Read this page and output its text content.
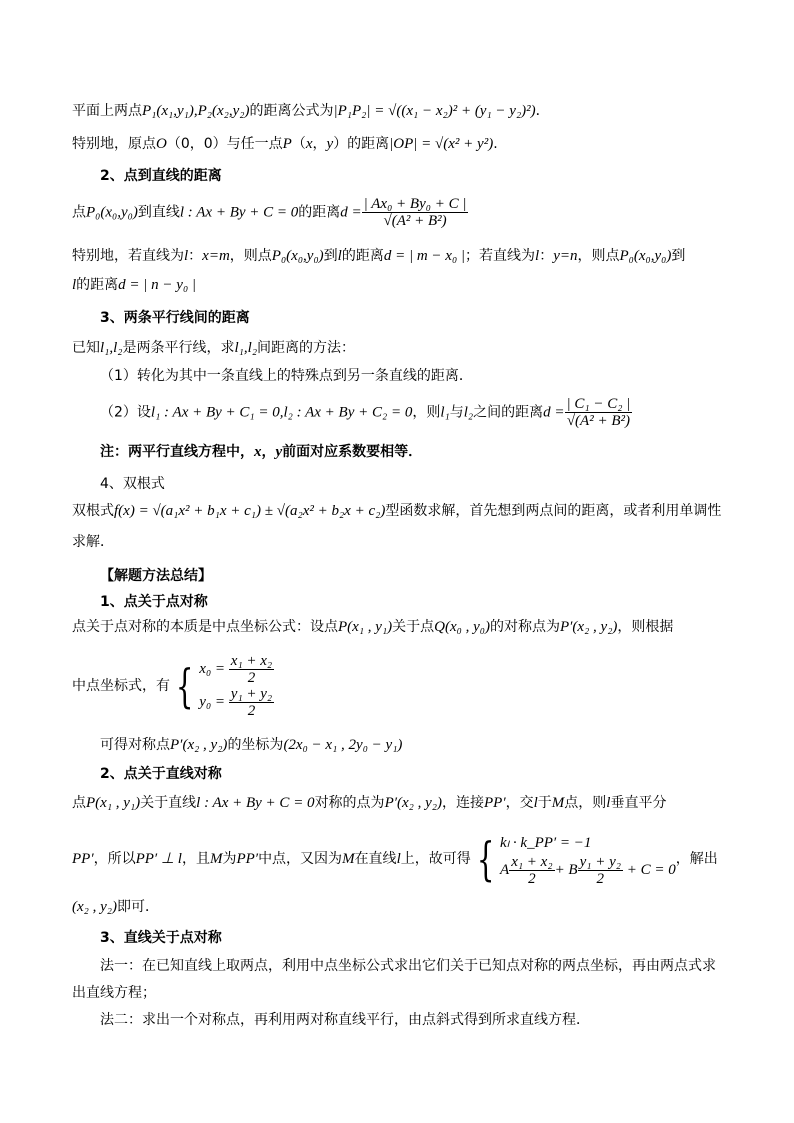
平面上两点P₁(x₁,y₁),P₂(x₂,y₂)的距离公式为|P₁P₂| = √((x₁ − x₂)² + (y₁ − y₂)²)．
特别地，原点O（0，0）与任一点P（x，y）的距离|OP| = √(x² + y²).
2、点到直线的距离
点P₀(x₀,y₀)到直线l : Ax + By + C = 0的距离$d = \frac{\text{| Ax₀ + By₀ + C |}}{\text{√(A² + B²)}}$
特别地，若直线为l：x=m，则点P₀(x₀,y₀)到l的距离d = | m − x₀ |；若直线为l：y=n，则点P₀(x₀,y₀)到
l的距离d = | n − y₀ |
3、两条平行线间的距离
已知l₁,l₂是两条平行线，求l₁,l₂间距离的方法：
（1）转化为其中一条直线上的特殊点到另一条直线的距离．
（2）设l₁ : Ax + By + C₁ = 0,l₂ : Ax + By + C₂ = 0，则l₁与l₂之间的距离$d = \frac{\text{| C₁ − C₂ |}}{\text{√(A² + B²)}}$
注：两平行直线方程中，x，y前面对应系数要相等．
4、双根式
双根式f(x) = √(a₁x² + b₁x + c₁) ± √(a₂x² + b₂x + c₂)型函数求解，首先想到两点间的距离，或者利用单调性
求解．
【解题方法总结】
1、点关于点对称
点关于点对称的本质是中点坐标公式：设点P(x₁ , y₁)关于点Q(x₀ , y₀)的对称点为P′(x₂ , y₂)，则根据
中点坐标式，有 { $x_0 = \frac{\text{x₁ + x₂}}{2}$
$y_0 = \frac{\text{y₁ + y₂}}{2}$
可得对称点P′(x₂ , y₂)的坐标为(2x₀ − x₁ , 2y₀ − y₁)
2、点关于直线对称
点P(x₁ , y₁)关于直线l : Ax + By + C = 0对称的点为P′(x₂ , y₂)，连接PP′，交l于M点，则l垂直平分
PP′，所以PP′ ⊥ l，且M为PP′中点，又因为M在直线l上，故可得 { kₗ · k_PP′ = −1
A $\frac{\text{x₁ + x₂}}{2} + B \frac{\text{y₁ + y₂}}{2} + C = 0$
，解出
(x₂ , y₂)即可．
3、直线关于点对称
法一：在已知直线上取两点，利用中点坐标公式求出它们关于已知点对称的两点坐标，再由两点式求
出直线方程；
法二：求出一个对称点，再利用两对称直线平行，由点斜式得到所求直线方程．
